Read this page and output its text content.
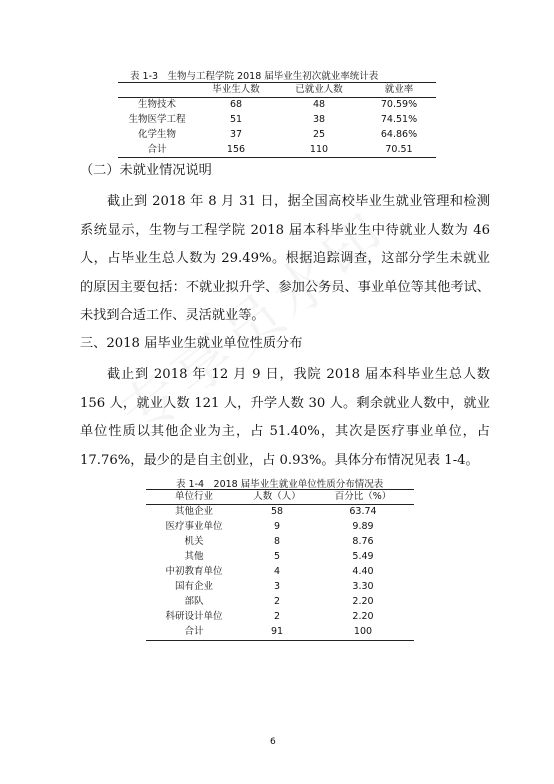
表 1-3　生物与工程学院 2018 届毕业生初次就业率统计表
	毕业生人数	已就业人数	就业率
生物技术	68	48	70.59%
生物医学工程	51	38	74.51%
化学生物	37	25	64.86%
合计	156	110	70.51
（二）未就业情况说明

截止到 2018 年 8 月 31 日，据全国高校毕业生就业管理和检测系统显示，生物与工程学院 2018 届本科毕业生中待就业人数为 46 人，占毕业生总人数为 29.49%。根据追踪调查，这部分学生未就业的原因主要包括：不就业拟升学、参加公务员、事业单位等其他考试、未找到合适工作、灵活就业等。

三、2018 届毕业生就业单位性质分布

截止到 2018 年 12 月 9 日，我院 2018 届本科毕业生总人数 156 人，就业人数 121 人，升学人数 30 人。剩余就业人数中，就业单位性质以其他企业为主，占 51.40%，其次是医疗事业单位，占 17.76%，最少的是自主创业，占 0.93%。具体分布情况见表 1-4。

表 1-4　2018 届毕业生就业单位性质分布情况表
单位行业	人数（人）	百分比（%）
其他企业	58	63.74
医疗事业单位	9	9.89
机关	8	8.76
其他	5	5.49
中初教育单位	4	4.40
国有企业	3	3.30
部队	2	2.20
科研设计单位	2	2.20
合计	91	100
6
